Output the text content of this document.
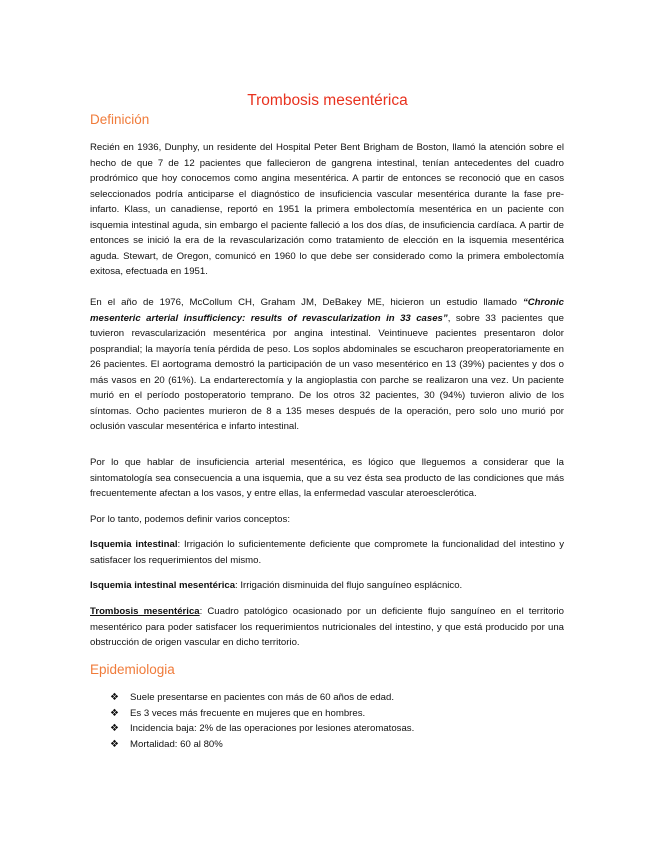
Trombosis mesentérica
Definición

Recién en 1936, Dunphy, un residente del Hospital Peter Bent Brigham de Boston, llamó la atención sobre el hecho de que 7 de 12 pacientes que fallecieron de gangrena intestinal, tenían antecedentes del cuadro prodrómico que hoy conocemos como angina mesentérica. A partir de entonces se reconoció que en casos seleccionados podría anticiparse el diagnóstico de insuficiencia vascular mesentérica durante la fase pre-infarto. Klass, un canadiense, reportó en 1951 la primera embolectomía mesentérica en un paciente con isquemia intestinal aguda, sin embargo el paciente falleció a los dos días, de insuficiencia cardíaca. A partir de entonces se inició la era de la revascularización como tratamiento de elección en la isquemia mesentérica aguda. Stewart, de Oregon, comunicó en 1960 lo que debe ser considerado como la primera embolectomía exitosa, efectuada en 1951.

En el año de 1976, McCollum CH, Graham JM, DeBakey ME, hicieron un estudio llamado “Chronic mesenteric arterial insufficiency: results of revascularization in 33 cases”, sobre 33 pacientes que tuvieron revascularización mesentérica por angina intestinal. Veintinueve pacientes presentaron dolor posprandial; la mayoría tenía pérdida de peso. Los soplos abdominales se escucharon preoperatoriamente en 26 pacientes. El aortograma demostró la participación de un vaso mesentérico en 13 (39%) pacientes y dos o más vasos en 20 (61%). La endarterectomía y la angioplastia con parche se realizaron una vez. Un paciente murió en el período postoperatorio temprano. De los otros 32 pacientes, 30 (94%) tuvieron alivio de los síntomas. Ocho pacientes murieron de 8 a 135 meses después de la operación, pero solo uno murió por oclusión vascular mesentérica e infarto intestinal.

Por lo que hablar de insuficiencia arterial mesentérica, es lógico que lleguemos a considerar que la sintomatología sea consecuencia a una isquemia, que a su vez ésta sea producto de las condiciones que más frecuentemente afectan a los vasos, y entre ellas, la enfermedad vascular ateroesclerótica.

Por lo tanto, podemos definir varios conceptos:

Isquemia intestinal: Irrigación lo suficientemente deficiente que compromete la funcionalidad del intestino y satisfacer los requerimientos del mismo.

Isquemia intestinal mesentérica: Irrigación disminuida del flujo sanguíneo esplácnico.

Trombosis mesentérica: Cuadro patológico ocasionado por un deficiente flujo sanguíneo en el territorio mesentérico para poder satisfacer los requerimientos nutricionales del intestino, y que está producido por una obstrucción de origen vascular en dicho territorio.

Epidemiologia
❖ Suele presentarse en pacientes con más de 60 años de edad.
❖ Es 3 veces más frecuente en mujeres que en hombres.
❖ Incidencia baja: 2% de las operaciones por lesiones ateromatosas.
❖ Mortalidad: 60 al 80%
